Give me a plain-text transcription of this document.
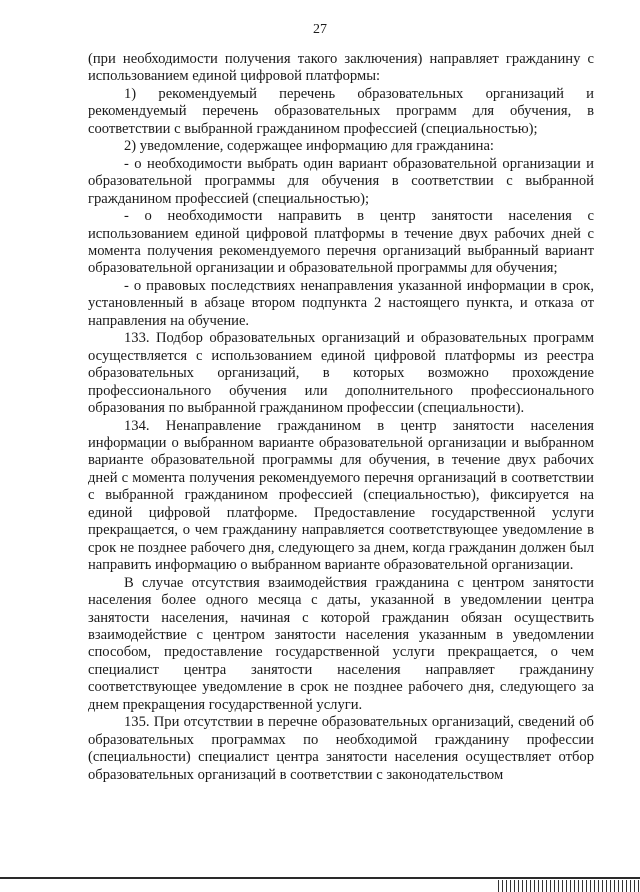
27

(при необходимости получения такого заключения) направляет гражданину с использованием единой цифровой платформы:

1) рекомендуемый перечень образовательных организаций и рекомендуемый перечень образовательных программ для обучения, в соответствии с выбранной гражданином профессией (специальностью);

2) уведомление, содержащее информацию для гражданина:

- о необходимости выбрать один вариант образовательной организации и образовательной программы для обучения в соответствии с выбранной гражданином профессией (специальностью);

- о необходимости направить в центр занятости населения с использованием единой цифровой платформы в течение двух рабочих дней с момента получения рекомендуемого перечня организаций выбранный вариант образовательной организации и образовательной программы для обучения;

- о правовых последствиях ненаправления указанной информации в срок, установленный в абзаце втором подпункта 2 настоящего пункта, и отказа от направления на обучение.

133. Подбор образовательных организаций и образовательных программ осуществляется с использованием единой цифровой платформы из реестра образовательных организаций, в которых возможно прохождение профессионального обучения или дополнительного профессионального образования по выбранной гражданином профессии (специальности).

134. Ненаправление гражданином в центр занятости населения информации о выбранном варианте образовательной организации и выбранном варианте образовательной программы для обучения, в течение двух рабочих дней с момента получения рекомендуемого перечня организаций в соответствии с выбранной гражданином профессией (специальностью), фиксируется на единой цифровой платформе. Предоставление государственной услуги прекращается, о чем гражданину направляется соответствующее уведомление в срок не позднее рабочего дня, следующего за днем, когда гражданин должен был направить информацию о выбранном варианте образовательной организации.

В случае отсутствия взаимодействия гражданина с центром занятости населения более одного месяца с даты, указанной в уведомлении центра занятости населения, начиная с которой гражданин обязан осуществить взаимодействие с центром занятости населения указанным в уведомлении способом, предоставление государственной услуги прекращается, о чем специалист центра занятости населения направляет гражданину соответствующее уведомление в срок не позднее рабочего дня, следующего за днем прекращения государственной услуги.

135. При отсутствии в перечне образовательных организаций, сведений об образовательных программах по необходимой гражданину профессии (специальности) специалист центра занятости населения осуществляет отбор образовательных организаций в соответствии с законодательством
